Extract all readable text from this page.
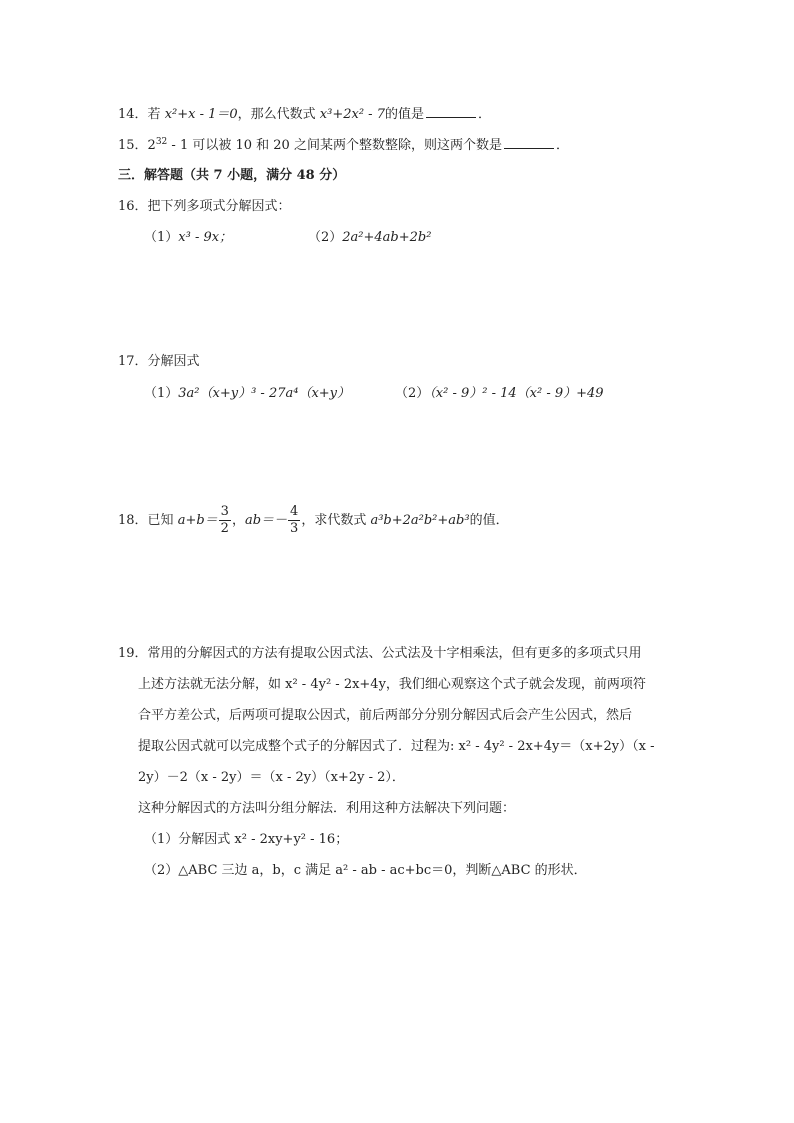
14．若 x²+x - 1＝0，那么代数式 x³+2x² - 7的值是	．
15．$2^{32} - 1$ 可以被 10 和 20 之间某两个整数整除，则这两个数是	．
三．解答题（共 7 小题，满分 48 分）
16．把下列多项式分解因式：
（1）x³ - 9x；	（2）2a²+4ab+2b²
17．分解因式
（1）3a²（x+y）³ - 27a⁴（x+y）	（2）（x² - 9）² - 14（x² - 9）+49
18．已知 $a+b= \frac{3}{2}$ ，$ab=- \frac{4}{3}$ ，求代数式 a³b+2a²b²+ab³的值．
19．常用的分解因式的方法有提取公因式法、公式法及十字相乘法，但有更多的多项式只用
上述方法就无法分解，如 x² - 4y² - 2x+4y，我们细心观察这个式子就会发现，前两项符
合平方差公式，后两项可提取公因式，前后两部分分别分解因式后会产生公因式，然后
提取公因式就可以完成整个式子的分解因式了．过程为: x² - 4y² - 2x+4y＝（x+2y）（x -
2y）－2（x - 2y）＝（x - 2y）（x+2y - 2）．
这种分解因式的方法叫分组分解法．利用这种方法解决下列问题：
（1）分解因式 x² - 2xy+y² - 16；
（2）△ABC 三边 a，b，c 满足 a² - ab - ac+bc＝0，判断△ABC 的形状．
